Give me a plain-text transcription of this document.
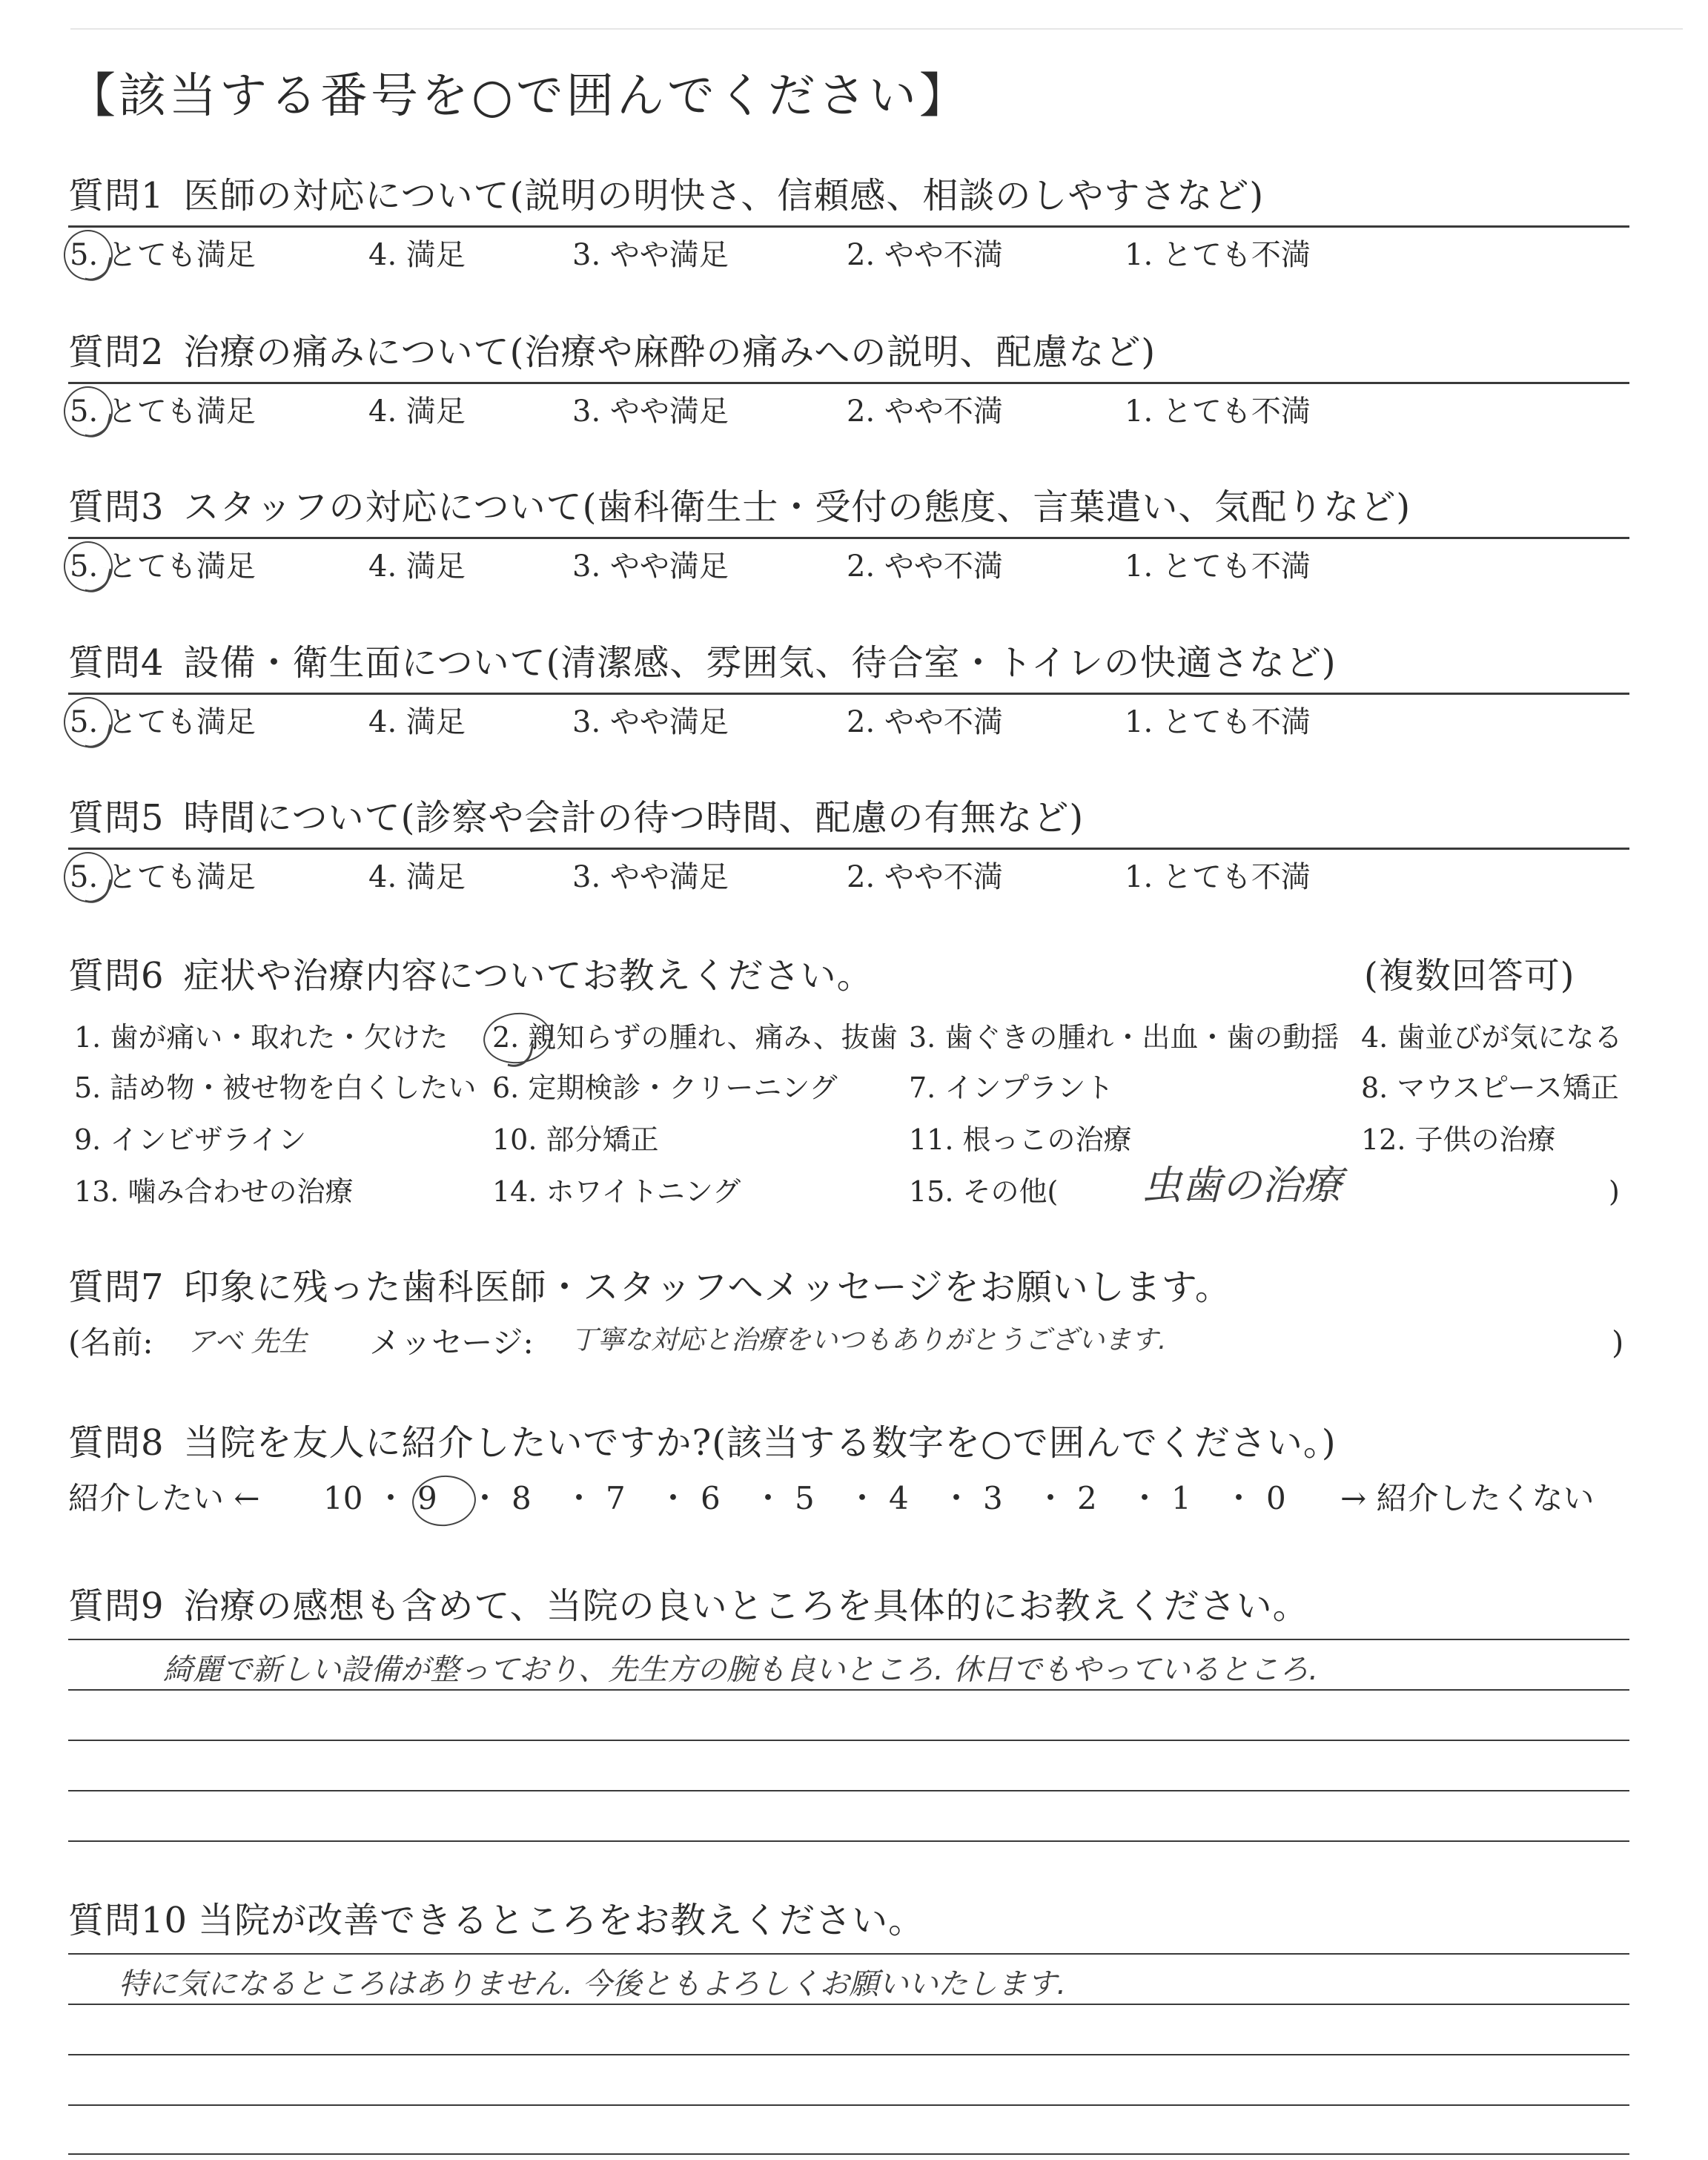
【該当する番号を○で囲んでください】
質問1 医師の対応について(説明の明快さ、信頼感、相談のしやすさなど)
5. とても満足	4. 満足	3. やや満足	2. やや不満	1. とても不満
質問2 治療の痛みについて(治療や麻酔の痛みへの説明、配慮など)
5. とても満足	4. 満足	3. やや満足	2. やや不満	1. とても不満
質問3 スタッフの対応について(歯科衛生士・受付の態度、言葉遣い、気配りなど)
5. とても満足	4. 満足	3. やや満足	2. やや不満	1. とても不満
質問4 設備・衛生面について(清潔感、雰囲気、待合室・トイレの快適さなど)
5. とても満足	4. 満足	3. やや満足	2. やや不満	1. とても不満
質問5 時間について(診察や会計の待つ時間、配慮の有無など)
5. とても満足	4. 満足	3. やや満足	2. やや不満	1. とても不満
質問6 症状や治療内容についてお教えください。	(複数回答可)
1. 歯が痛い・取れた・欠けた 2. 親知らずの腫れ、痛み、抜歯 3. 歯ぐきの腫れ・出血・歯の動揺 4. 歯並びが気になる
5. 詰め物・被せ物を白くしたい 6. 定期検診・クリーニング	7. インプラント	8. マウスピース矯正
9. インビザライン	10. 部分矯正	11. 根っこの治療	12. 子供の治療
13. 噛み合わせの治療	14. ホワイトニング	15. その他(	)
虫歯の治療
質問7 印象に残った歯科医師・スタッフへメッセージをお願いします。
(名前: アベ 先生 メッセージ: 丁寧な対応と治療をいつもありがとうございます.	)
質問8 当院を友人に紹介したいですか?(該当する数字を○で囲んでください。)
紹介したい ← 10 ・ 9 ・ 8 ・ 7 ・ 6 ・ 5 ・ 4 ・ 3 ・ 2 ・ 1 ・ 0 → 紹介したくない
質問9 治療の感想も含めて、当院の良いところを具体的にお教えください。
綺麗で新しい設備が整っており、先生方の腕も良いところ. 休日でもやっているところ.
質問10 当院が改善できるところをお教えください。
特に気になるところはありません. 今後ともよろしくお願いいたします.
